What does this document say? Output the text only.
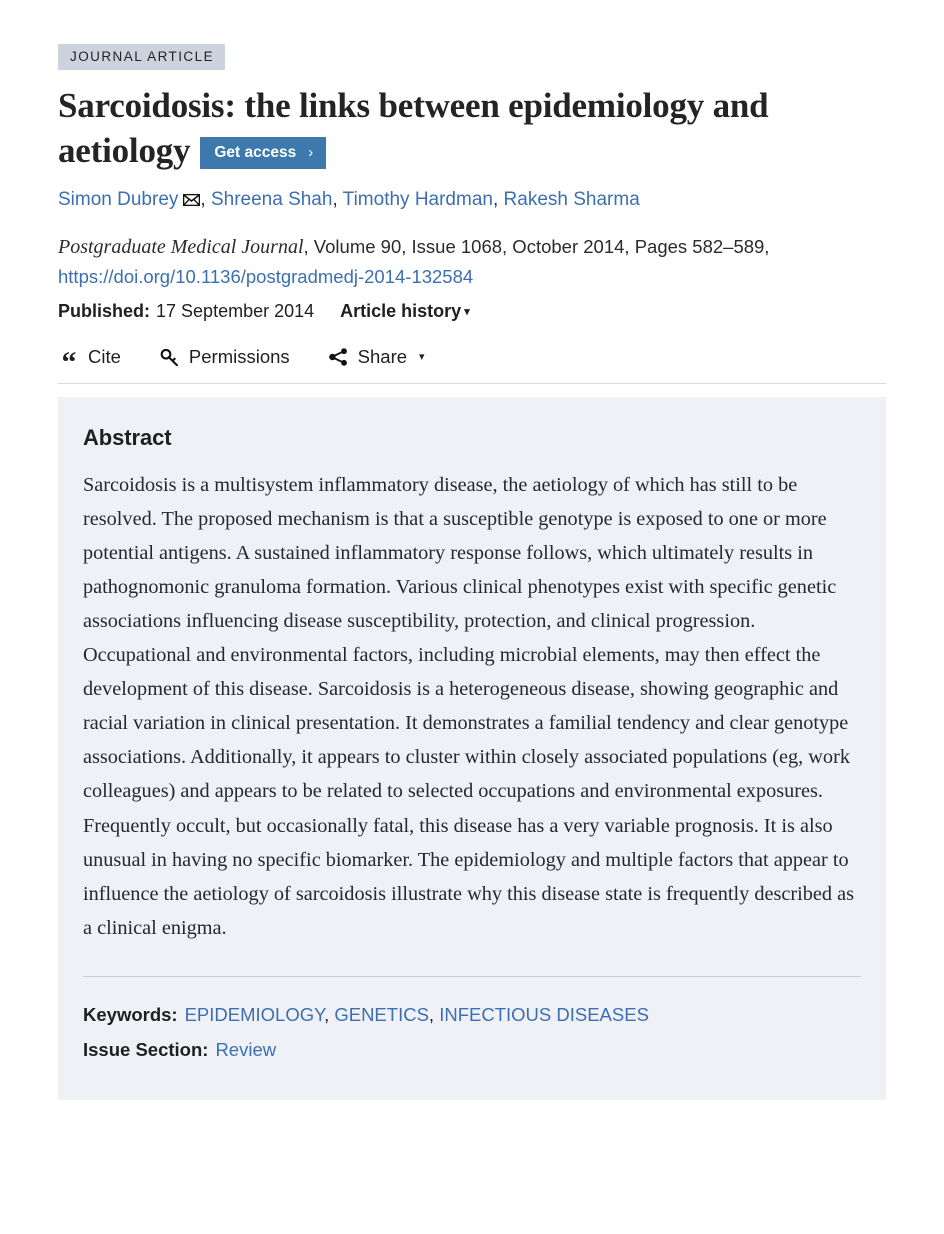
JOURNAL ARTICLE
Sarcoidosis: the links between epidemiology and aetiology Get access ›
Simon Dubrey , Shreena Shah, Timothy Hardman, Rakesh Sharma
Postgraduate Medical Journal, Volume 90, Issue 1068, October 2014, Pages 582–589,
https://doi.org/10.1136/postgradmedj-2014-132584
Published: 17 September 2014 Article history ▾
“ Cite	Permissions	Share ▾
Abstract

Sarcoidosis is a multisystem inflammatory disease, the aetiology of which has still to be resolved. The proposed mechanism is that a susceptible genotype is exposed to one or more potential antigens. A sustained inflammatory response follows, which ultimately results in pathognomonic granuloma formation. Various clinical phenotypes exist with specific genetic associations influencing disease susceptibility, protection, and clinical progression. Occupational and environmental factors, including microbial elements, may then effect the development of this disease. Sarcoidosis is a heterogeneous disease, showing geographic and racial variation in clinical presentation. It demonstrates a familial tendency and clear genotype associations. Additionally, it appears to cluster within closely associated populations (eg, work colleagues) and appears to be related to selected occupations and environmental exposures. Frequently occult, but occasionally fatal, this disease has a very variable prognosis. It is also unusual in having no specific biomarker. The epidemiology and multiple factors that appear to influence the aetiology of sarcoidosis illustrate why this disease state is frequently described as a clinical enigma.

Keywords: EPIDEMIOLOGY, GENETICS, INFECTIOUS DISEASES
Issue Section: Review
